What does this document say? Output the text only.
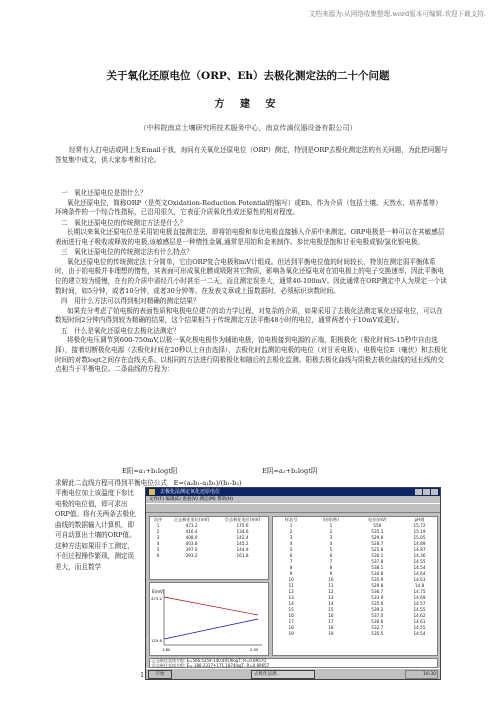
文档来源为:从网络收集整理.word版本可编辑.欢迎下载支持.
关于氧化还原电位（ORP、Eh）去极化测定法的二十个问题
方 建 安
（中科院南京土壤研究所技术服务中心，南京传滴仪器设备有限公司）
经常有人打电话或网上发Email于我，询问有关氧化还原电位（ORP）测定，特别是ORP去极化测定法的有关问题，为此把问题与答复集中成文，供大家参考和讨论。

一　氧化还原电位是指什么？

氧化还原电位，简称ORP（是英文Oxidation-Reduction Potential的缩写）或Eh，作为介质（包括土壤、天然水、培养基等）环境条件的一个综合性指标，已沿用很久，它表征介质氧化性或还原性的相对程度。

二　氧化还原电位的传统测定方法是什么？

长期以来氧化还原电位是采用铂电极直接测定法，即将铂电极和参比电极直接插入介质中来测定。ORP电极是一种可以在其敏感层表面进行电子吸收或释放的电极,该敏感层是一种惰性金属,通常是用铂和金来制作。参比电极是饱和甘汞电极或银/氯化银电极。

三　氧化还原电位的传统测定法有什么特点？

氧化还原电位的传统测定法十分简单，它由ORP复合电极和mV计组成。但达到平衡电位值的时间较长，特别在测定弱平衡体系时，由于铂电极并非理想的惰性，其表面可形成氧化膜或吸附其它物质，影响各氧化还原电对在铂电极上的电子交换速率，因此平衡电位的建立较为缓慢，在有的介质中需经几小时甚至一二天，而且测定误差大，通常40-100mV。因此通常在ORP测定中人为规定一个读数时间，如5分钟，或者10分钟，或者30分钟等。在发表文章或上报数据时，必须标识读数时间。

四　用什么方法可以得到相对精确的测定结果？

如果充分考虑了铂电极的表面性质和电极电位建立的动力学过程，对复杂的介质，如果采用了去极化法测定氧化还原电位，可以在数短时间2分钟内得到较为精确的结果，这个结果相当于传统测定方法平衡48小时的电位，通常两者小于10mV或更好。

五　什么是氧化还原电位去极化法测定？

将极化电压调节到600-750mV,以极一氧化极电极作为辅助电极，铂电极接到电源的正端，阳极极化（极化时间5-15秒中自由选择），接着切断极化电源（去极化时间在20秒以上自由选择），去极化时监测铂电极的电位（对甘汞电极）。电极电位E（毫伏）和去极化时间的对数logt之间存在直线关系。以相同的方法进行阴极极化和随后的去极化监测。阳极去极化曲线与阴极去极化曲线的延长线的交点相当于平衡电位。二条曲线的方程为：

E阳=a₁+b₁logt阳	E阴=a₂+b₂logt阴
求解此二直线方程可得到平衡电位公式　E=(a₂b₁-a₁b₂)/(b₁-b₂)
平衡电位加上该温度下参比电极的电位值，即可求出ORP值。将有关两条去极化曲线的数据输入计算机，即可自动算出土壤的ORP值。这种方法如果用手工测定，不但过程操作繁琐，测定误差大，而且数学
去极化法测定氧化还原电位
文件(F) 编辑(E) 查看(V) 测定(M) 帮助(H)
次序	正去极化电位(mV)	负去极化电位(mV)
1	473.2	175.6
2	416.4	134.6
3	408.0	142.4
4	403.8	145.2
5	397.0	144.9
6	393.2	161.8
E(mV)
473.2
125.6
1.60	2.55
样品号	时间(秒)	电位(mV)	pH值
1	1	550	15.72
2	2	535.3	15.19
3	3	529.8	15.05
4	4	528.7	14.89
5	5	525.8	14.87
6	6	530.1	14.36
7	7	537.8	14.55
8	8	538.1	14.54
9	9	534.8	14.64
10	10	535.9	14.63
11	11	529.8	14.8
12	12	536.7	14.75
13	13	533.9	14.69
14	14	535.6	14.57
15	15	539.2	14.55
16	16	537.0	14.62
17	17	530.6	14.61
18	18	532.7	14.55
19	19	535.5	14.54
正去极化直线方程: E=566.5259-140.4919logT, R=0.89570
负去极化直线方程: E=-188.2317+171.1874logT, R=0.89657
开始	去极化法测...	16:30
1
